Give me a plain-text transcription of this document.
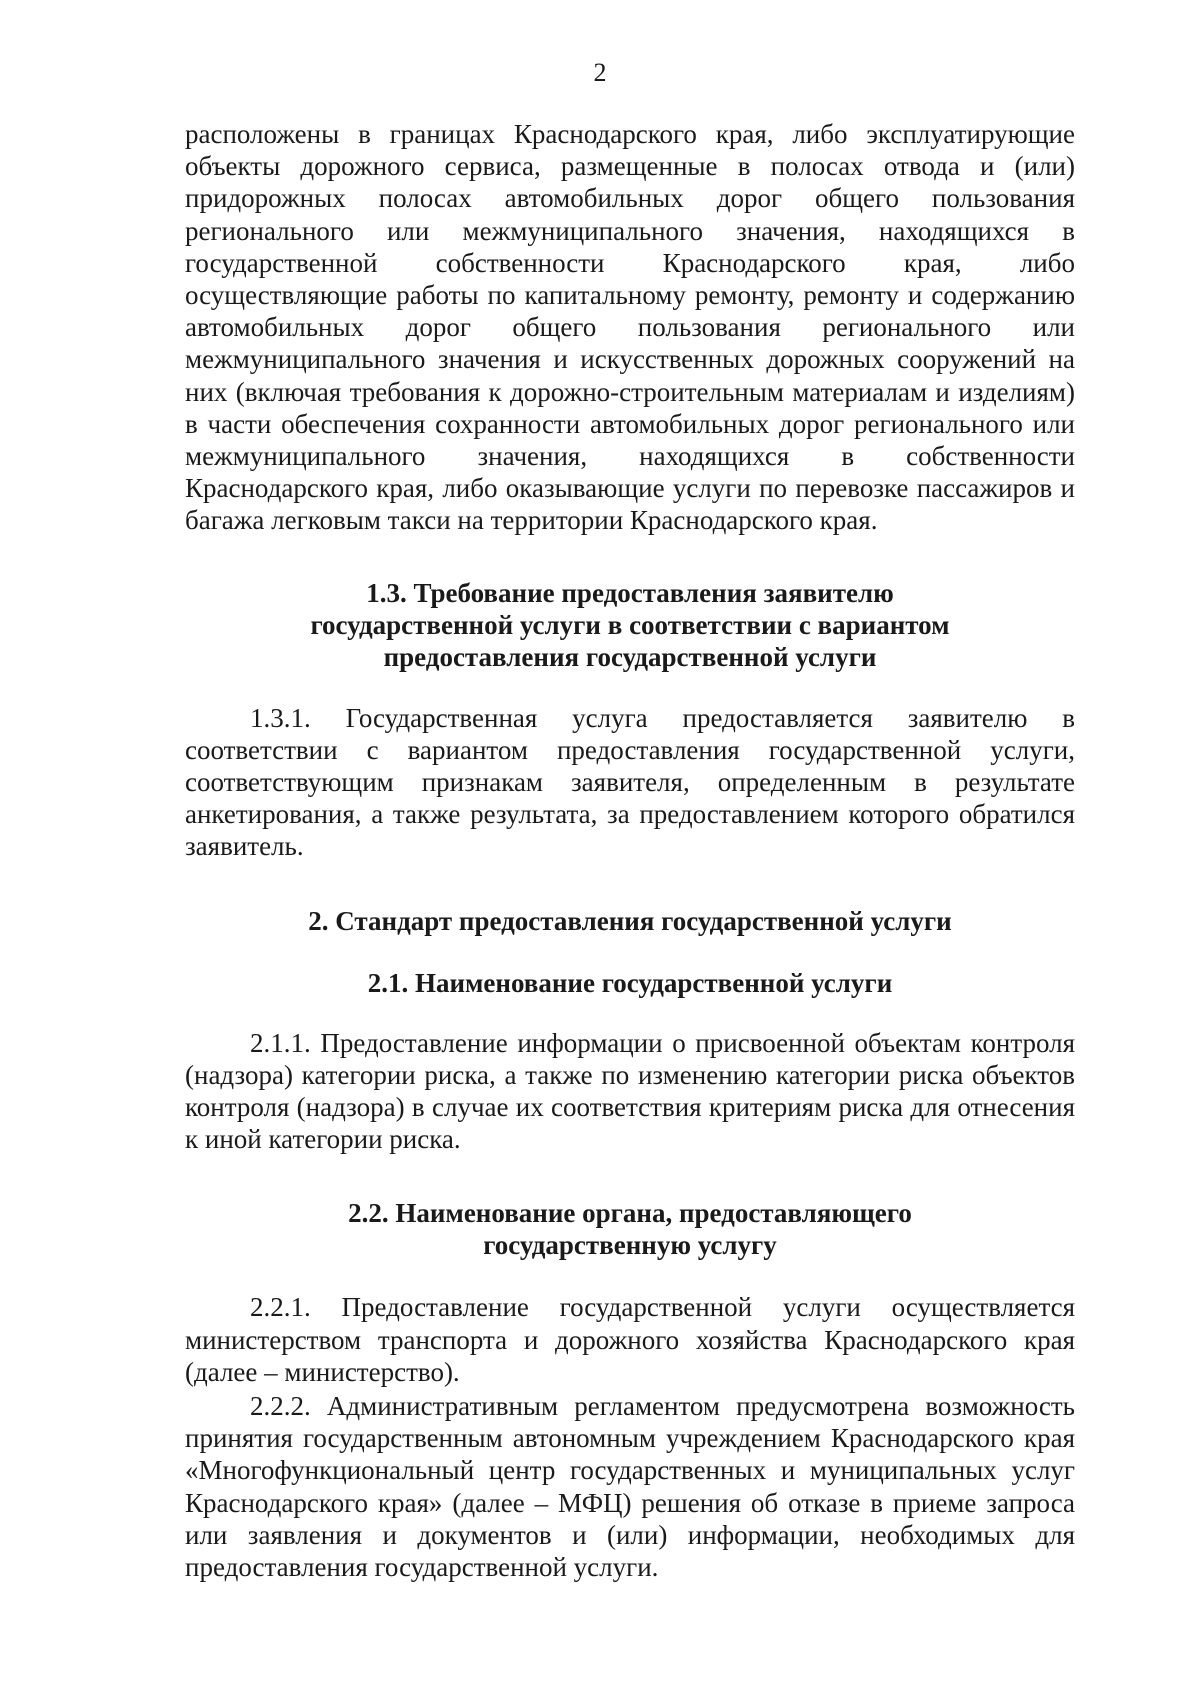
2

расположены в границах Краснодарского края, либо эксплуатирующие объекты дорожного сервиса, размещенные в полосах отвода и (или) придорожных полосах автомобильных дорог общего пользования регионального или межмуниципального значения, находящихся в государственной собственности Краснодарского края, либо осуществляющие работы по капитальному ремонту, ремонту и содержанию автомобильных дорог общего пользования регионального или межмуниципального значения и искусственных дорожных сооружений на них (включая требования к дорожно-строительным материалам и изделиям) в части обеспечения сохранности автомобильных дорог регионального или межмуниципального значения, находящихся в собственности Краснодарского края, либо оказывающие услуги по перевозке пассажиров и багажа легковым такси на территории Краснодарского края.

1.3. Требование предоставления заявителю
государственной услуги в соответствии с вариантом
предоставления государственной услуги

1.3.1. Государственная услуга предоставляется заявителю в соответствии с вариантом предоставления государственной услуги, соответствующим признакам заявителя, определенным в результате анкетирования, а также результата, за предоставлением которого обратился заявитель.

2. Стандарт предоставления государственной услуги
2.1. Наименование государственной услуги

2.1.1. Предоставление информации о присвоенной объектам контроля (надзора) категории риска, а также по изменению категории риска объектов контроля (надзора) в случае их соответствия критериям риска для отнесения к иной категории риска.

2.2. Наименование органа, предоставляющего
государственную услугу

2.2.1. Предоставление государственной услуги осуществляется министерством транспорта и дорожного хозяйства Краснодарского края (далее – министерство).

2.2.2. Административным регламентом предусмотрена возможность принятия государственным автономным учреждением Краснодарского края «Многофункциональный центр государственных и муниципальных услуг Краснодарского края» (далее – МФЦ) решения об отказе в приеме запроса или заявления и документов и (или) информации, необходимых для предоставления государственной услуги.
